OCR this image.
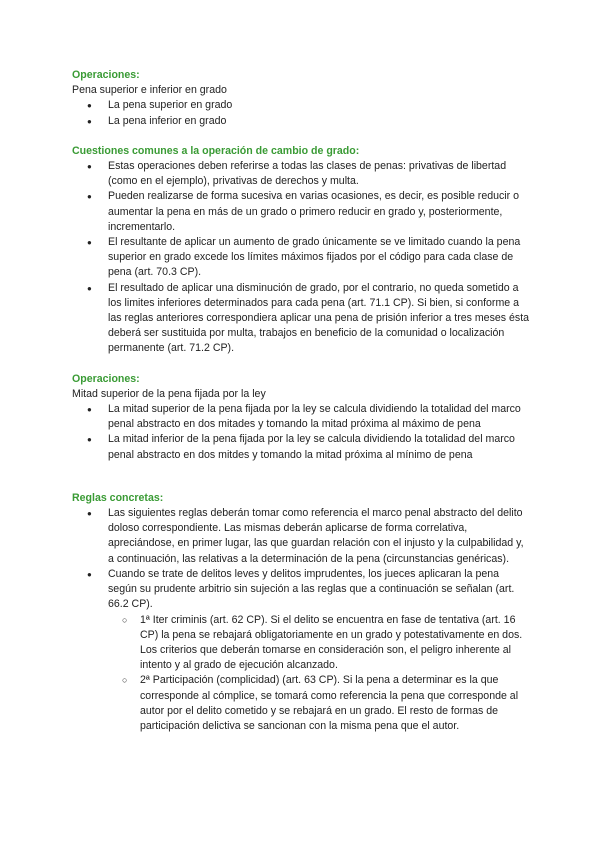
Operaciones:

Pena superior e inferior en grado

● La pena superior en grado
● La pena inferior en grado

Cuestiones comunes a la operación de cambio de grado:

● Estas operaciones deben referirse a todas las clases de penas: privativas de libertad (como en el ejemplo), privativas de derechos y multa.
● Pueden realizarse de forma sucesiva en varias ocasiones, es decir, es posible reducir o aumentar la pena en más de un grado o primero reducir en grado y, posteriormente, incrementarlo.
● El resultante de aplicar un aumento de grado únicamente se ve limitado cuando la pena superior en grado excede los límites máximos fijados por el código para cada clase de pena (art. 70.3 CP).
● El resultado de aplicar una disminución de grado, por el contrario, no queda sometido a los limites inferiores determinados para cada pena (art. 71.1 CP). Si bien, si conforme a las reglas anteriores correspondiera aplicar una pena de prisión inferior a tres meses ésta deberá ser sustituida por multa, trabajos en beneficio de la comunidad o localización permanente (art. 71.2 CP).

Operaciones:

Mitad superior de la pena fijada por la ley

● La mitad superior de la pena fijada por la ley se calcula dividiendo la totalidad del marco penal abstracto en dos mitades y tomando la mitad próxima al máximo de pena
● La mitad inferior de la pena fijada por la ley se calcula dividiendo la totalidad del marco penal abstracto en dos mitdes y tomando la mitad próxima al mínimo de pena

Reglas concretas:

● Las siguientes reglas deberán tomar como referencia el marco penal abstracto del delito doloso correspondiente. Las mismas deberán aplicarse de forma correlativa, apreciándose, en primer lugar, las que guardan relación con el injusto y la culpabilidad y, a continuación, las relativas a la determinación de la pena (circunstancias genéricas).
● Cuando se trate de delitos leves y delitos imprudentes, los jueces aplicaran la pena según su prudente arbitrio sin sujeción a las reglas que a continuación se señalan (art. 66.2 CP).
○ 1ª Iter criminis (art. 62 CP). Si el delito se encuentra en fase de tentativa (art. 16 CP) la pena se rebajará obligatoriamente en un grado y potestativamente en dos. Los criterios que deberán tomarse en consideración son, el peligro inherente al intento y al grado de ejecución alcanzado.
○ 2ª Participación (complicidad) (art. 63 CP). Si la pena a determinar es la que corresponde al cómplice, se tomará como referencia la pena que corresponde al autor por el delito cometido y se rebajará en un grado. El resto de formas de participación delictiva se sancionan con la misma pena que el autor.
